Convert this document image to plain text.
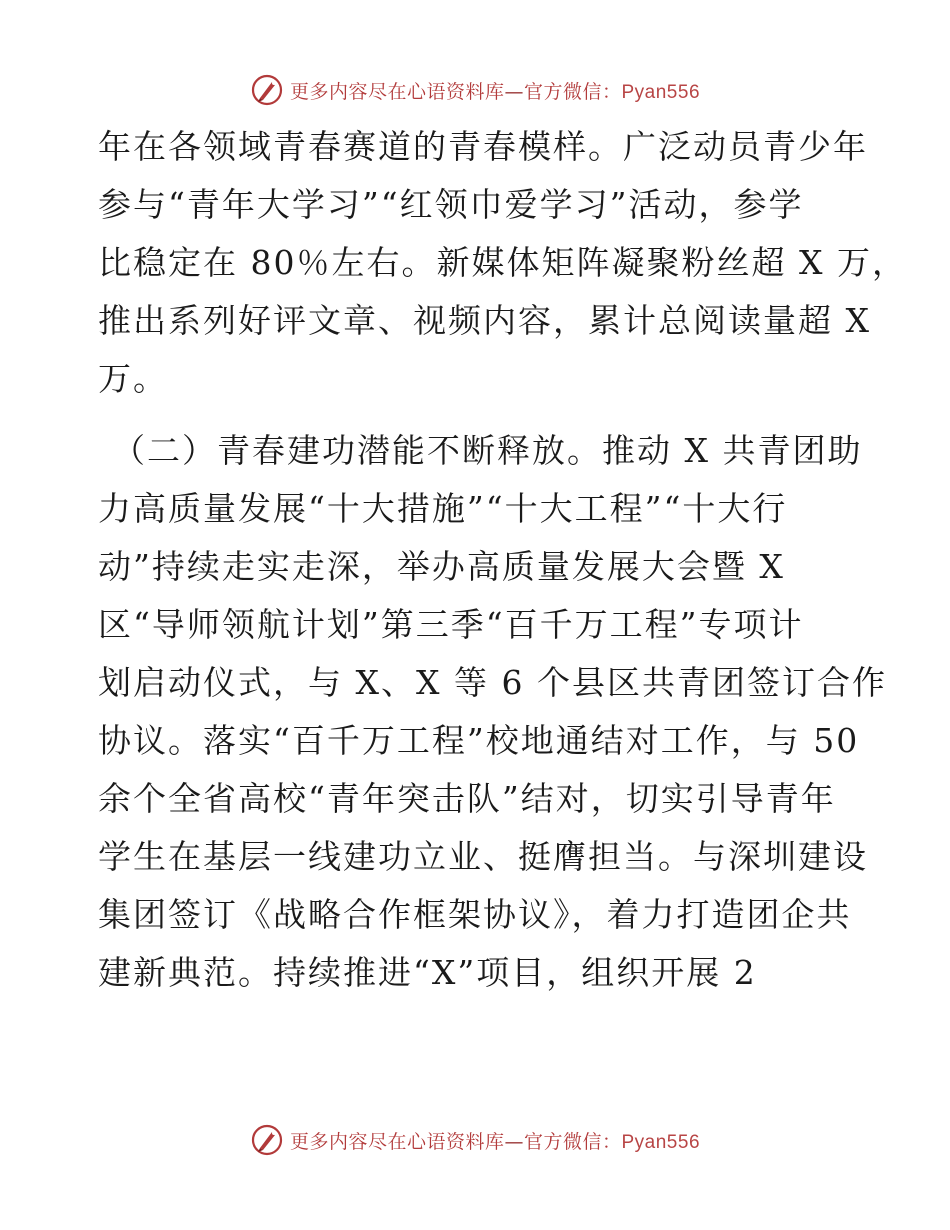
更多内容尽在心语资料库—官方微信：Pyan556

年在各领域青春赛道的青春模样。广泛动员青少年
参与“青年大学习”“红领巾爱学习”活动，参学
比稳定在 80％左右。新媒体矩阵凝聚粉丝超 X 万，
推出系列好评文章、视频内容，累计总阅读量超 X
万。

（二）青春建功潜能不断释放。推动 X 共青团助
力高质量发展“十大措施”“十大工程”“十大行
动”持续走实走深，举办高质量发展大会暨 X
区“导师领航计划”第三季“百千万工程”专项计
划启动仪式，与 X、X 等 6 个县区共青团签订合作
协议。落实“百千万工程”校地通结对工作，与 50
余个全省高校“青年突击队”结对，切实引导青年
学生在基层一线建功立业、挺膺担当。与深圳建设
集团签订《战略合作框架协议》，着力打造团企共
建新典范。持续推进“X”项目，组织开展 2

更多内容尽在心语资料库—官方微信：Pyan556
